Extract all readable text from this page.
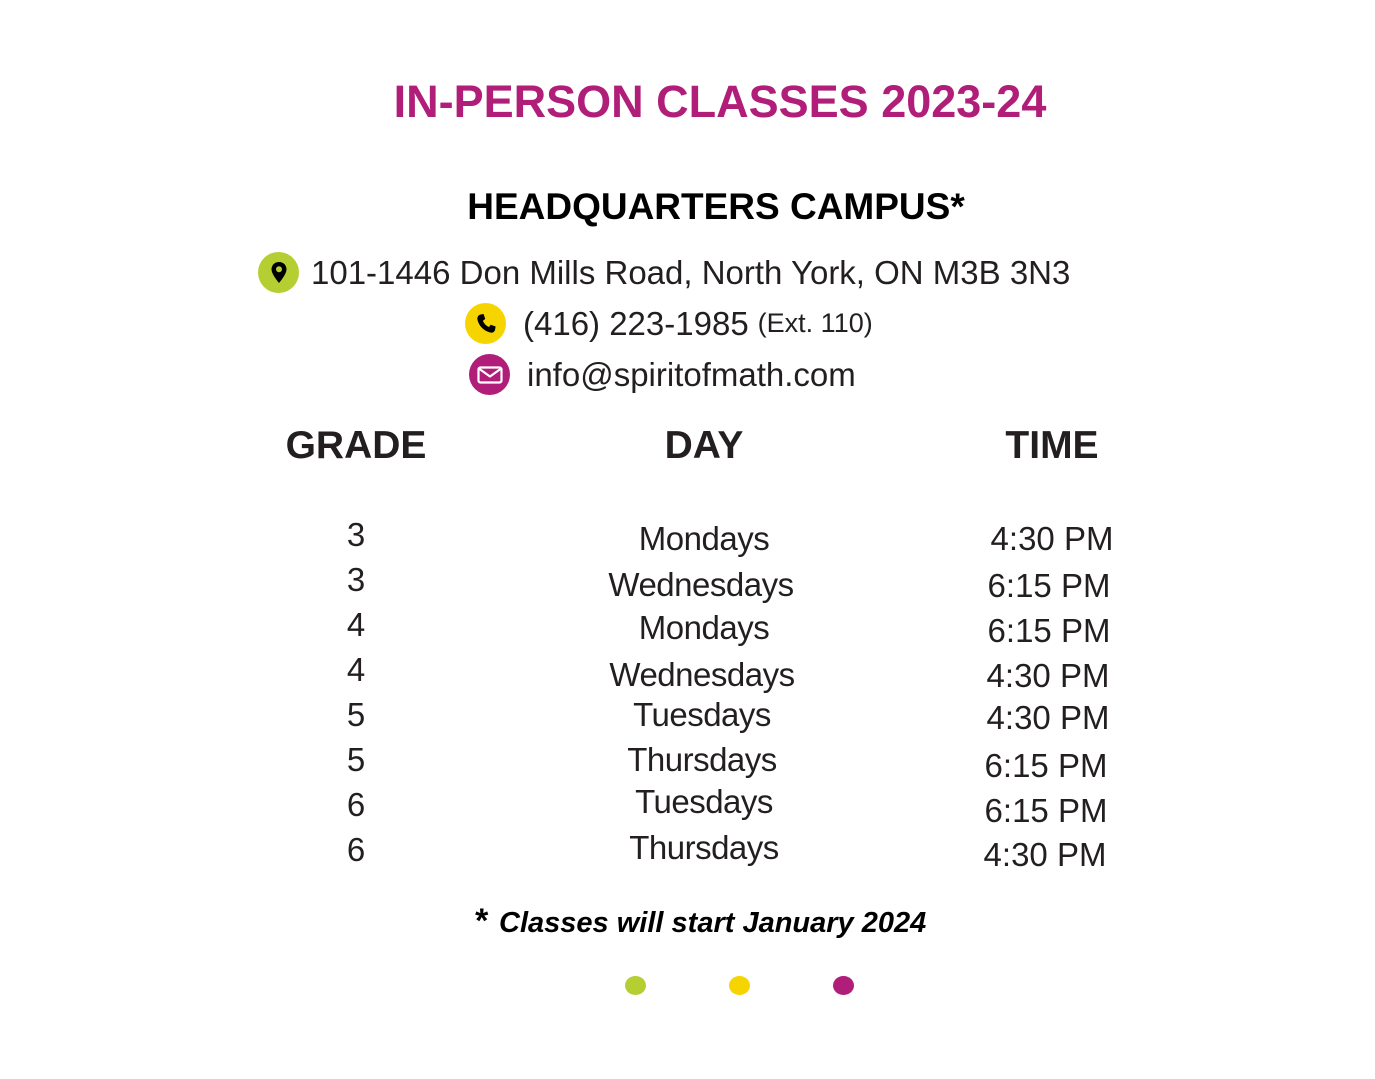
IN-PERSON CLASSES 2023-24
HEADQUARTERS CAMPUS*
101-1446 Don Mills Road, North York, ON M3B 3N3
(416) 223-1985 (Ext. 110)
info@spiritofmath.com
GRADE	DAY	TIME
3	Mondays	4:30 PM
3	Wednesdays	6:15 PM
4	Mondays	6:15 PM
4	Wednesdays	4:30 PM
5	Tuesdays	4:30 PM
5	Thursdays	6:15 PM
6	Tuesdays	6:15 PM
6	Thursdays	4:30 PM
* Classes will start January 2024
